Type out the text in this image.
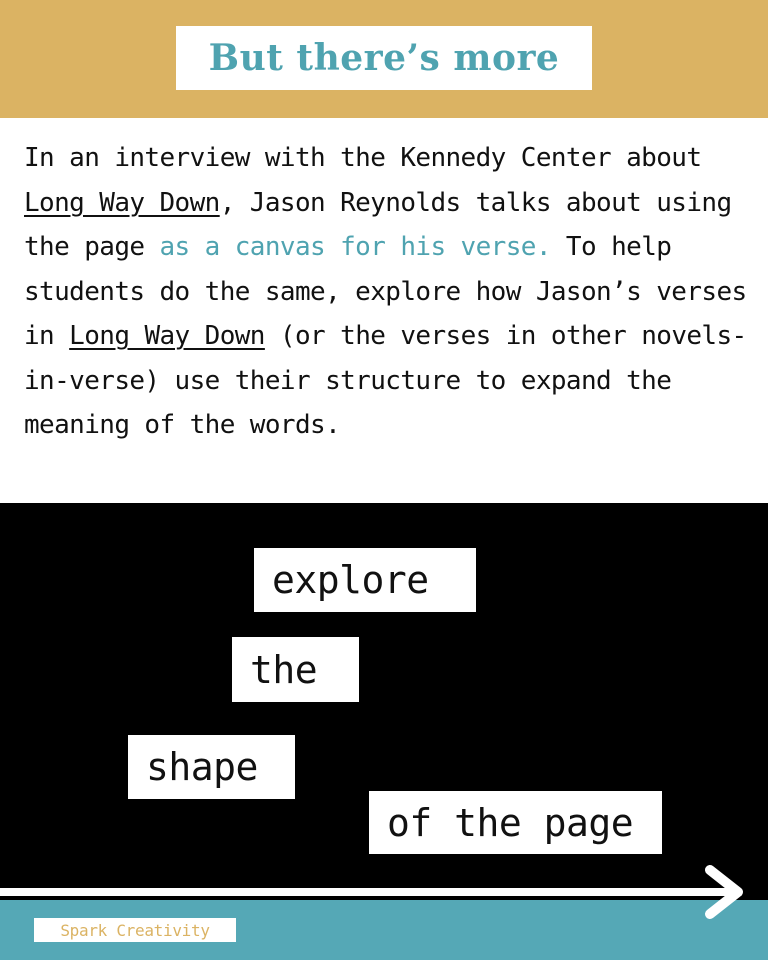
But there’s more

In an interview with the Kennedy Center about Long Way Down, Jason Reynolds talks about using the page as a canvas for his verse. To help students do the same, explore how Jason’s verses in Long Way Down (or the verses in other novels-in-verse) use their structure to expand the meaning of the words.

explore
the
shape
of the page
Spark Creativity
